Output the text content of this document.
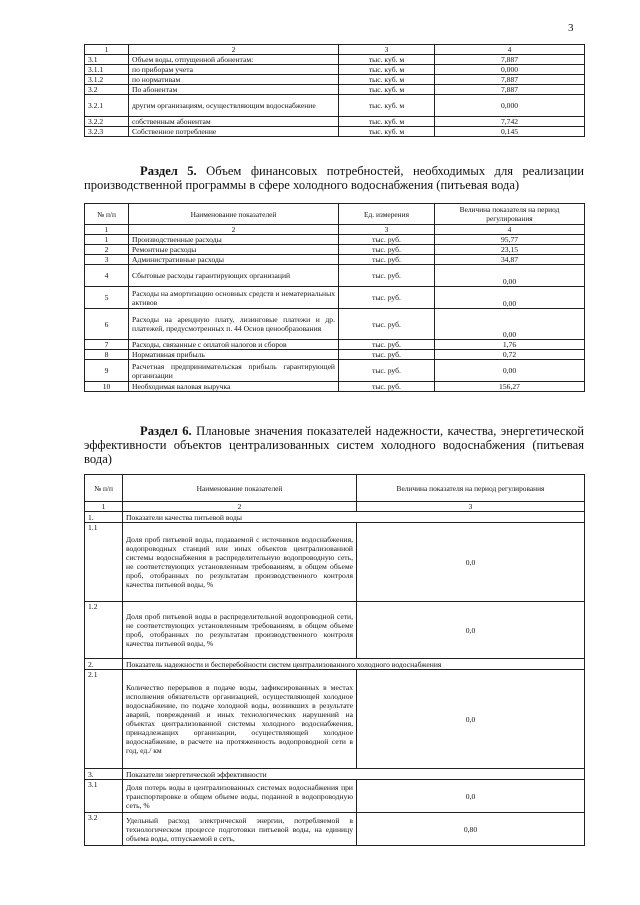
3
1	2	3	4
3.1	Объем воды, отпущенной абонентам:	тыс. куб. м	7,887
3.1.1	по приборам учета	тыс. куб. м	0,000
3.1.2	по нормативам	тыс. куб. м	7,887
3.2	По абонентам	тыс. куб. м	7,887
3.2.1	другим организациям, осуществляющим водоснабжение	тыс. куб. м	0,000
3.2.2	собственным абонентам	тыс. куб. м	7,742
3.2.3	Собственное потребление	тыс. куб. м	0,145
Раздел 5. Объем финансовых потребностей, необходимых для реализации производственной программы в сфере холодного водоснабжения (питьевая вода)
№ п/п	Наименование показателей	Ед. измерения	Величина показателя на период регулирования
1	2	3	4
1	Производственные расходы	тыс. руб.	95,77
2	Ремонтные расходы	тыс. руб.	23,15
3	Административные расходы	тыс. руб.	34,87
4	Сбытовые расходы гарантирующих организаций	тыс. руб.	0,00
5	Расходы на амортизацию основных средств и нематериальных активов	тыс. руб.	0,00
6	Расходы на арендную плату, лизинговые платежи и др. платежей, предусмотренных п. 44 Основ ценообразования	тыс. руб.	0,00
7	Расходы, связанные с оплатой налогов и сборов	тыс. руб.	1,76
8	Нормативная прибыль	тыс. руб.	0,72
9	Расчетная предпринимательская прибыль гарантирующей организации	тыс. руб.	0,00
10	Необходимая валовая выручка	тыс. руб.	156,27
Раздел 6. Плановые значения показателей надежности, качества, энергетической эффективности объектов централизованных систем холодного водоснабжения (питьевая вода)
№ п/п	Наименование показателей	Величина показателя на период регулирования
1	2	3
1.	Показатели качества питьевой воды	
1.1	Доля проб питьевой воды, подаваемой с источников водоснабжения, водопроводных станций или иных объектов централизованной системы водоснабжения в распределительную водопроводную сеть, не соответствующих установленным требованиям, в общем объеме проб, отобранных по результатам производственного контроля качества питьевой воды, %	0,0
1.2	Доля проб питьевой воды в распределительной водопроводной сети, не соответствующих установленным требованиям, в общем объеме проб, отобранных по результатам производственного контроля качества питьевой воды, %	0,0
2.	Показатель надежности и бесперебойности систем централизованного холодного водоснабжения	
2.1	Количество перерывов в подаче воды, зафиксированных в местах исполнения обязательств организацией, осуществляющей холодное водоснабжение, по подаче холодной воды, возникших в результате аварий, повреждений и иных технологических нарушений на объектах централизованной системы холодного водоснабжения, принадлежащих организации, осуществляющей холодное водоснабжение, в расчете на протяженность водопроводной сети в год, ед./ км	0,0
3.	Показатели энергетической эффективности	
3.1	Доля потерь воды в централизованных системах водоснабжения при транспортировке в общем объеме воды, поданной в водопроводную сеть, %	0,0
3.2	Удельный расход электрической энергии, потребляемой в технологическом процессе подготовки питьевой воды, на единицу объема воды, отпускаемой в сеть,	0,80
